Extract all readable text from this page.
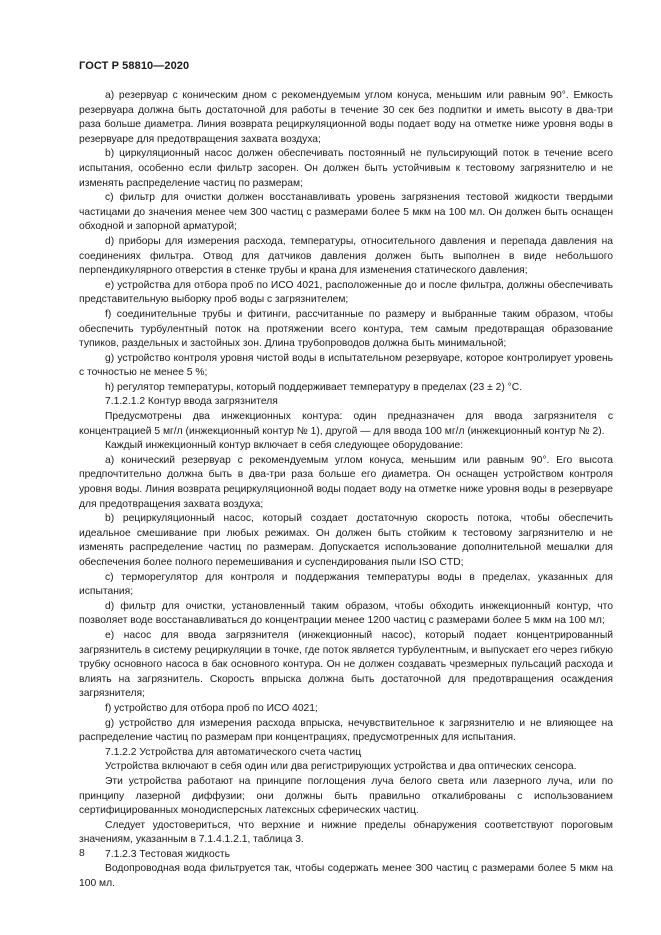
ГОСТ Р 58810—2020

а) резервуар с коническим дном с рекомендуемым углом конуса, меньшим или равным 90°. Емкость резервуара должна быть достаточной для работы в течение 30 сек без подпитки и иметь высоту в два-три раза больше диаметра. Линия возврата рециркуляционной воды подает воду на отметке ниже уровня воды в резервуаре для предотвращения захвата воздуха;

b) циркуляционный насос должен обеспечивать постоянный не пульсирующий поток в течение всего испытания, особенно если фильтр засорен. Он должен быть устойчивым к тестовому загрязнителю и не изменять распределение частиц по размерам;

c) фильтр для очистки должен восстанавливать уровень загрязнения тестовой жидкости твердыми частицами до значения менее чем 300 частиц с размерами более 5 мкм на 100 мл. Он должен быть оснащен обходной и запорной арматурой;

d) приборы для измерения расхода, температуры, относительного давления и перепада давления на соединениях фильтра. Отвод для датчиков давления должен быть выполнен в виде небольшого перпендикулярного отверстия в стенке трубы и крана для изменения статического давления;

e) устройства для отбора проб по ИСО 4021, расположенные до и после фильтра, должны обеспечивать представительную выборку проб воды с загрязнителем;

f) соединительные трубы и фитинги, рассчитанные по размеру и выбранные таким образом, чтобы обеспечить турбулентный поток на протяжении всего контура, тем самым предотвращая образование тупиков, раздельных и застойных зон. Длина трубопроводов должна быть минимальной;

g) устройство контроля уровня чистой воды в испытательном резервуаре, которое контролирует уровень с точностью не менее 5 %;

h) регулятор температуры, который поддерживает температуру в пределах (23 ± 2) °С.

7.1.2.1.2 Контур ввода загрязнителя

Предусмотрены два инжекционных контура: один предназначен для ввода загрязнителя с концентрацией 5 мг/л (инжекционный контур № 1), другой — для ввода 100 мг/л (инжекционный контур № 2).

Каждый инжекционный контур включает в себя следующее оборудование:

а) конический резервуар с рекомендуемым углом конуса, меньшим или равным 90°. Его высота предпочтительно должна быть в два-три раза больше его диаметра. Он оснащен устройством контроля уровня воды. Линия возврата рециркуляционной воды подает воду на отметке ниже уровня воды в резервуаре для предотвращения захвата воздуха;

b) рециркуляционный насос, который создает достаточную скорость потока, чтобы обеспечить идеальное смешивание при любых режимах. Он должен быть стойким к тестовому загрязнителю и не изменять распределение частиц по размерам. Допускается использование дополнительной мешалки для обеспечения более полного перемешивания и суспендирования пыли ISO CTD;

c) терморегулятор для контроля и поддержания температуры воды в пределах, указанных для испытания;

d) фильтр для очистки, установленный таким образом, чтобы обходить инжекционный контур, что позволяет воде восстанавливаться до концентрации менее 1200 частиц с размерами более 5 мкм на 100 мл;

e) насос для ввода загрязнителя (инжекционный насос), который подает концентрированный загрязнитель в систему рециркуляции в точке, где поток является турбулентным, и выпускает его через гибкую трубку основного насоса в бак основного контура. Он не должен создавать чрезмерных пульсаций расхода и влиять на загрязнитель. Скорость впрыска должна быть достаточной для предотвращения осаждения загрязнителя;

f) устройство для отбора проб по ИСО 4021;

g) устройство для измерения расхода впрыска, нечувствительное к загрязнителю и не влияющее на распределение частиц по размерам при концентрациях, предусмотренных для испытания.

7.1.2.2 Устройства для автоматического счета частиц

Устройства включают в себя один или два регистрирующих устройства и два оптических сенсора.

Эти устройства работают на принципе поглощения луча белого света или лазерного луча, или по принципу лазерной диффузии; они должны быть правильно откалиброваны с использованием сертифицированных монодисперсных латексных сферических частиц.

Следует удостовериться, что верхние и нижние пределы обнаружения соответствуют пороговым значениям, указанным в 7.1.4.1.2.1, таблица 3.

7.1.2.3 Тестовая жидкость

Водопроводная вода фильтруется так, чтобы содержать менее 300 частиц с размерами более 5 мкм на 100 мл.

8
